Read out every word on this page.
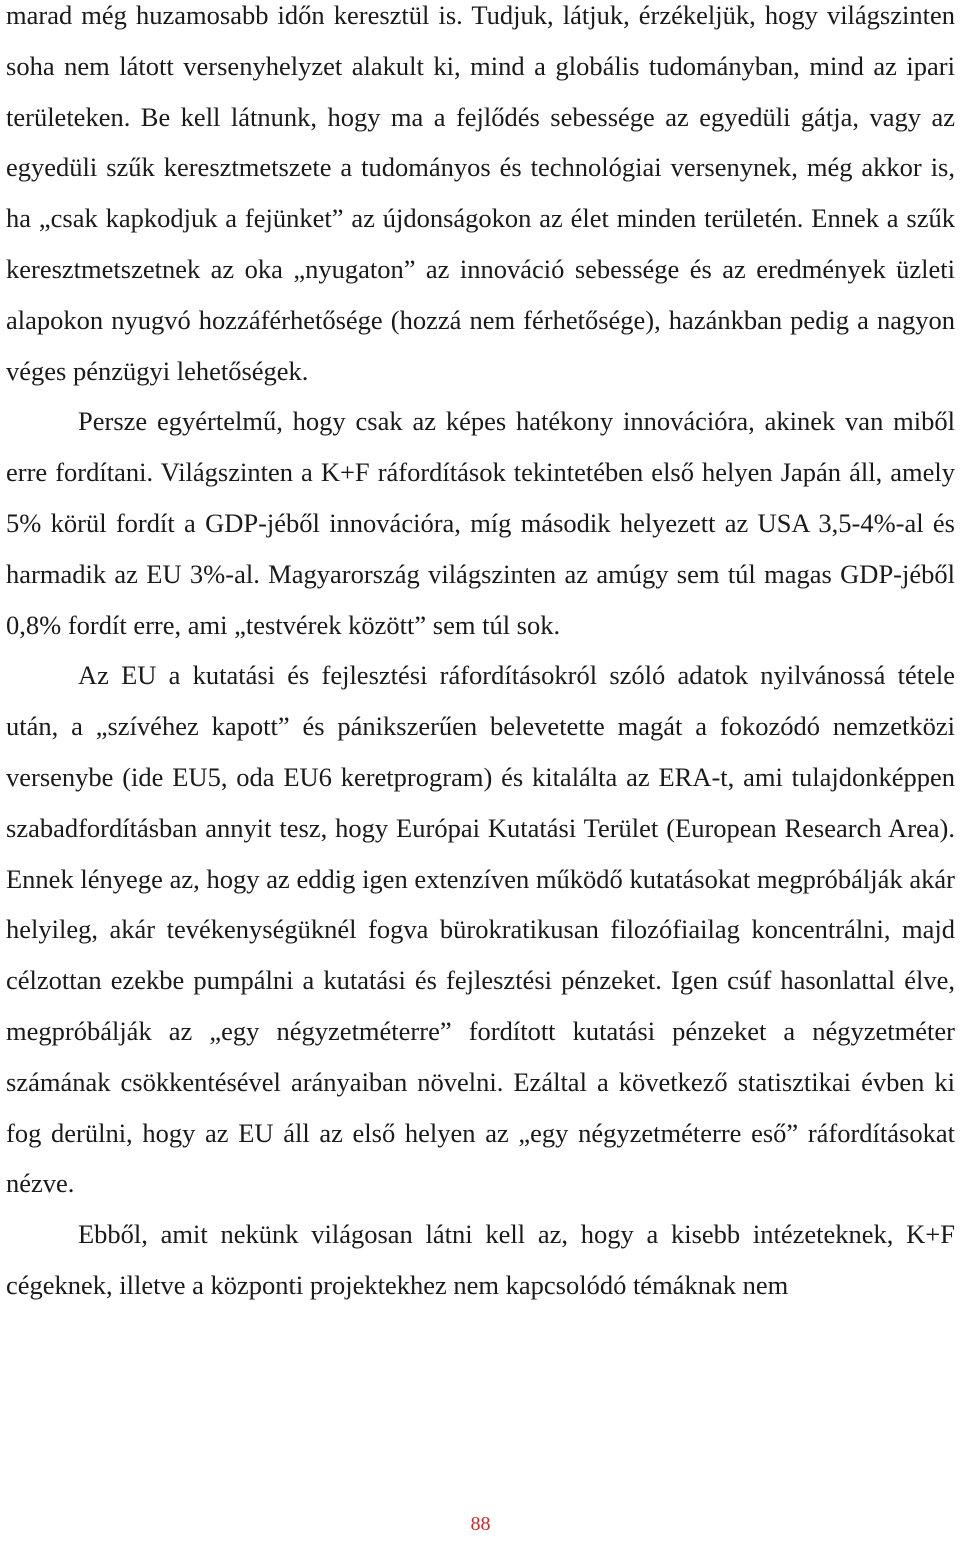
marad még huzamosabb időn keresztül is. Tudjuk, látjuk, érzékeljük, hogy világszinten soha nem látott versenyhelyzet alakult ki, mind a globális tudományban, mind az ipari területeken. Be kell látnunk, hogy ma a fejlődés sebessége az egyedüli gátja, vagy az egyedüli szűk keresztmetszete a tudományos és technológiai versenynek, még akkor is, ha „csak kapkodjuk a fejünket” az újdonságokon az élet minden területén. Ennek a szűk keresztmetszetnek az oka „nyugaton” az innováció sebessége és az eredmények üzleti alapokon nyugvó hozzáférhetősége (hozzá nem férhetősége), hazánkban pedig a nagyon véges pénzügyi lehetőségek.

Persze egyértelmű, hogy csak az képes hatékony innovációra, akinek van miből erre fordítani. Világszinten a K+F ráfordítások tekintetében első helyen Japán áll, amely 5% körül fordít a GDP-jéből innovációra, míg második helyezett az USA 3,5-4%-al és harmadik az EU 3%-al. Magyarország világszinten az amúgy sem túl magas GDP-jéből 0,8% fordít erre, ami „testvérek között” sem túl sok.

Az EU a kutatási és fejlesztési ráfordításokról szóló adatok nyilvánossá tétele után, a „szívéhez kapott” és pánikszerűen belevetette magát a fokozódó nemzetközi versenybe (ide EU5, oda EU6 keretprogram) és kitalálta az ERA-t, ami tulajdonképpen szabadfordításban annyit tesz, hogy Európai Kutatási Terület (European Research Area). Ennek lényege az, hogy az eddig igen extenzíven működő kutatásokat megpróbálják akár helyileg, akár tevékenységüknél fogva bürokratikusan filozófiailag koncentrálni, majd célzottan ezekbe pumpálni a kutatási és fejlesztési pénzeket. Igen csúf hasonlattal élve, megpróbálják az „egy négyzetméterre” fordított kutatási pénzeket a négyzetméter számának csökkentésével arányaiban növelni. Ezáltal a következő statisztikai évben ki fog derülni, hogy az EU áll az első helyen az „egy négyzetméterre eső” ráfordításokat nézve.

Ebből, amit nekünk világosan látni kell az, hogy a kisebb intézeteknek, K+F cégeknek, illetve a központi projektekhez nem kapcsolódó témáknak nem

88
